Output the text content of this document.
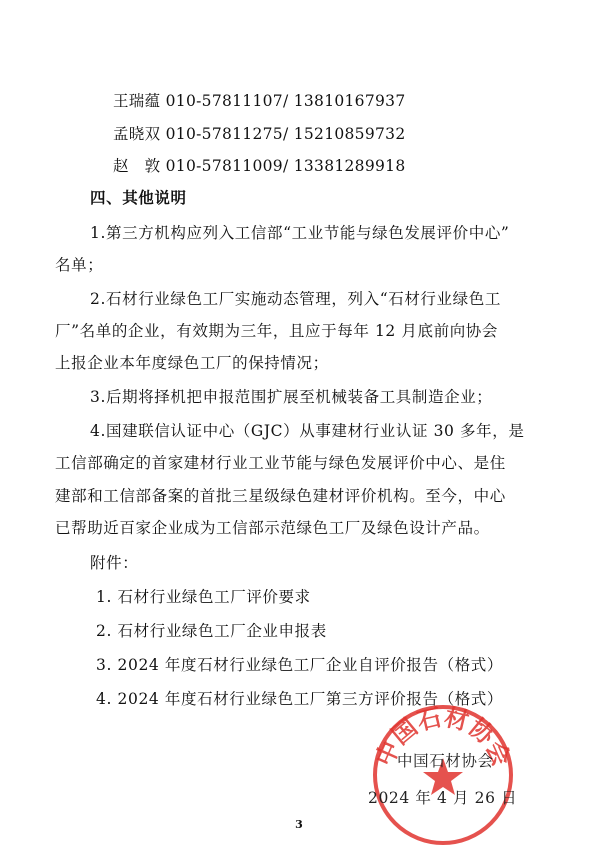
王瑞蕴 010-57811107/ 13810167937
孟晓双 010-57811275/ 15210859732
赵　敦 010-57811009/ 13381289918
四、其他说明
1.第三方机构应列入工信部“工业节能与绿色发展评价中心”
名单；
2.石材行业绿色工厂实施动态管理，列入“石材行业绿色工
厂”名单的企业，有效期为三年，且应于每年 12 月底前向协会
上报企业本年度绿色工厂的保持情况；
3.后期将择机把申报范围扩展至机械装备工具制造企业；
4.国建联信认证中心（GJC）从事建材行业认证 30 多年，是
工信部确定的首家建材行业工业节能与绿色发展评价中心、是住
建部和工信部备案的首批三星级绿色建材评价机构。至今，中心
已帮助近百家企业成为工信部示范绿色工厂及绿色设计产品。
附件：
1. 石材行业绿色工厂评价要求
2. 石材行业绿色工厂企业申报表
3. 2024 年度石材行业绿色工厂企业自评价报告（格式）
4. 2024 年度石材行业绿色工厂第三方评价报告（格式）
中国石材协会
中国石材协会
2024 年 4 月 26 日
3
